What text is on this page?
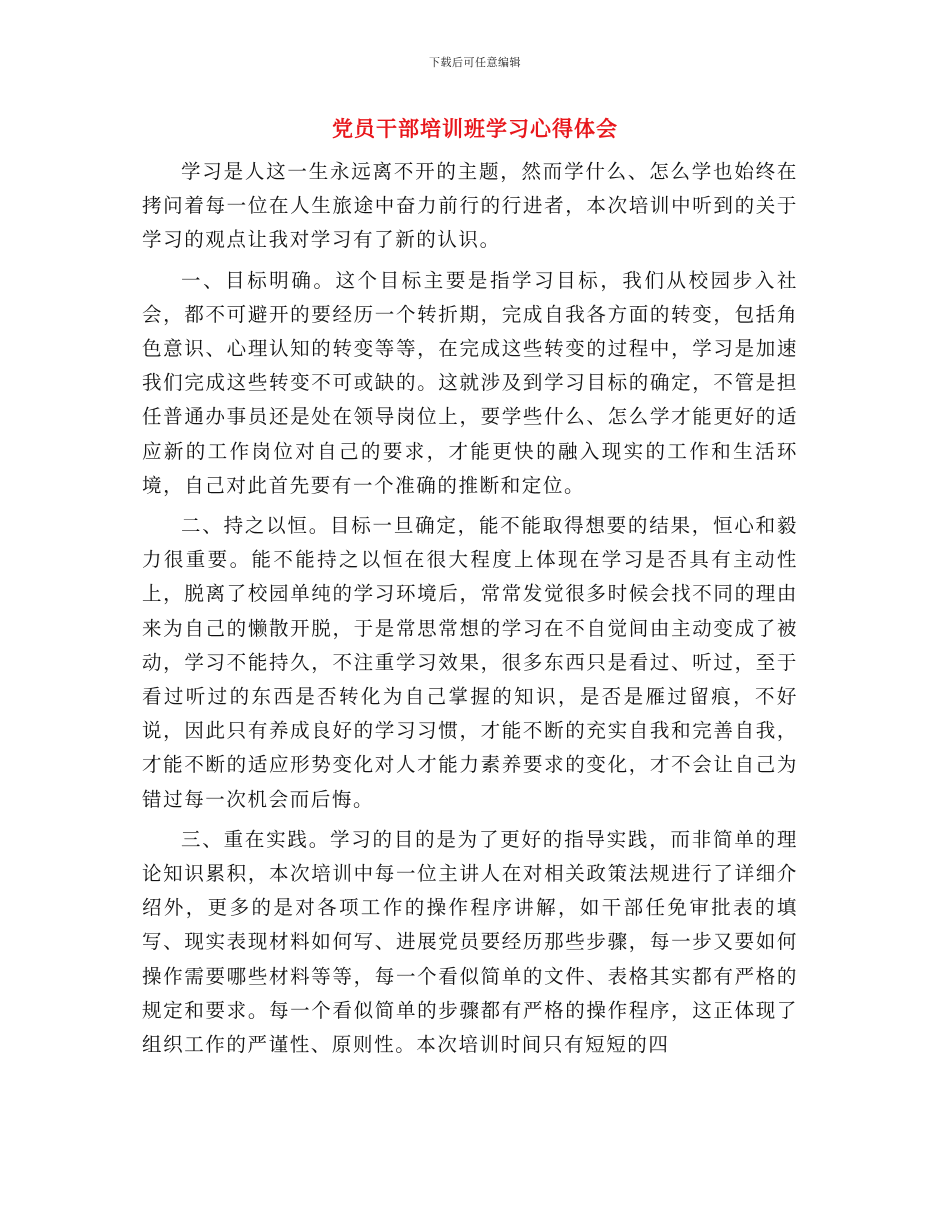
下载后可任意编辑
党员干部培训班学习心得体会

学习是人这一生永远离不开的主题，然而学什么、怎么学也始终在拷问着每一位在人生旅途中奋力前行的行进者，本次培训中听到的关于学习的观点让我对学习有了新的认识。

一、目标明确。这个目标主要是指学习目标，我们从校园步入社会，都不可避开的要经历一个转折期，完成自我各方面的转变，包括角色意识、心理认知的转变等等，在完成这些转变的过程中，学习是加速我们完成这些转变不可或缺的。这就涉及到学习目标的确定，不管是担任普通办事员还是处在领导岗位上，要学些什么、怎么学才能更好的适应新的工作岗位对自己的要求，才能更快的融入现实的工作和生活环境，自己对此首先要有一个准确的推断和定位。

二、持之以恒。目标一旦确定，能不能取得想要的结果，恒心和毅力很重要。能不能持之以恒在很大程度上体现在学习是否具有主动性上，脱离了校园单纯的学习环境后，常常发觉很多时候会找不同的理由来为自己的懒散开脱，于是常思常想的学习在不自觉间由主动变成了被动，学习不能持久，不注重学习效果，很多东西只是看过、听过，至于看过听过的东西是否转化为自己掌握的知识，是否是雁过留痕，不好说，因此只有养成良好的学习习惯，才能不断的充实自我和完善自我，才能不断的适应形势变化对人才能力素养要求的变化，才不会让自己为错过每一次机会而后悔。

三、重在实践。学习的目的是为了更好的指导实践，而非简单的理论知识累积，本次培训中每一位主讲人在对相关政策法规进行了详细介绍外，更多的是对各项工作的操作程序讲解，如干部任免审批表的填写、现实表现材料如何写、进展党员要经历那些步骤，每一步又要如何操作需要哪些材料等等，每一个看似简单的文件、表格其实都有严格的规定和要求。每一个看似简单的步骤都有严格的操作程序，这正体现了组织工作的严谨性、原则性。本次培训时间只有短短的四
